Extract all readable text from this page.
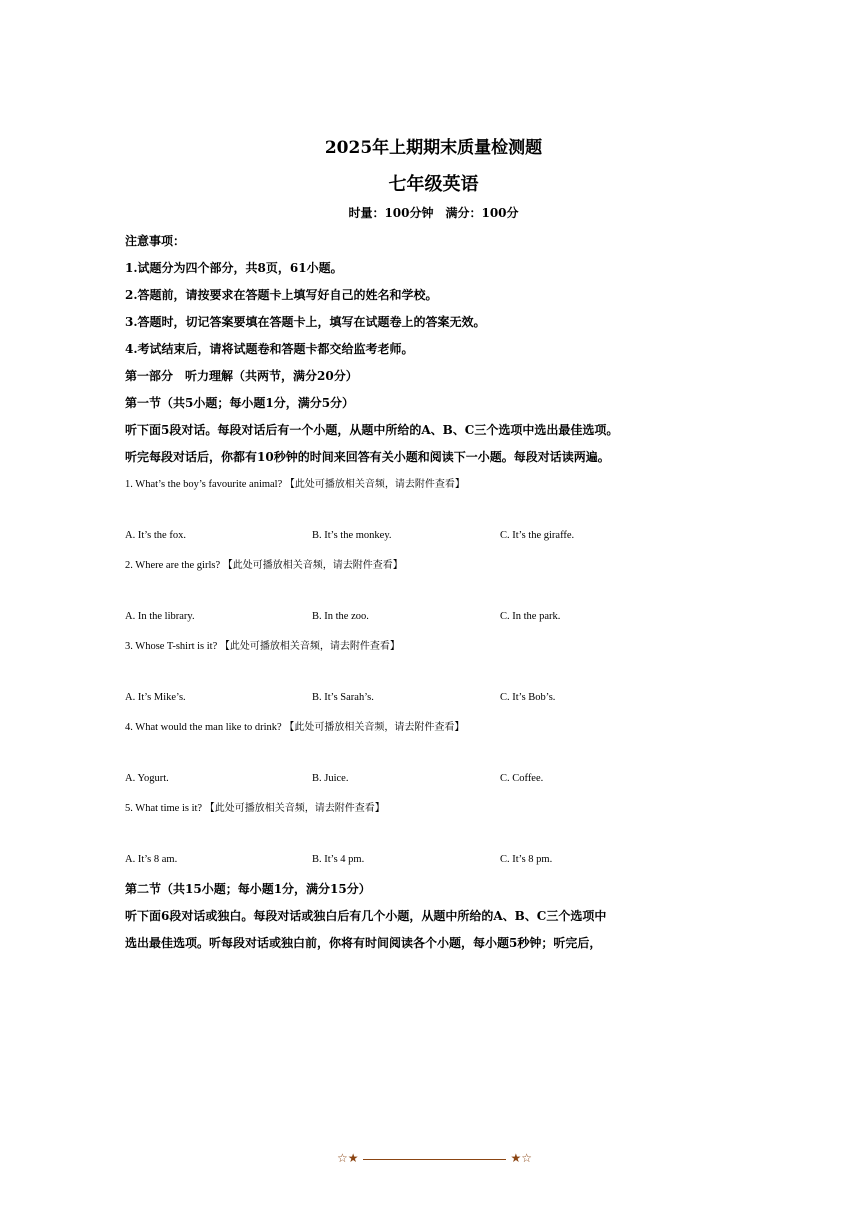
2025年上期期末质量检测题
七年级英语
时量：100分钟　满分：100分
注意事项：
1.试题分为四个部分，共8页，61小题。
2.答题前，请按要求在答题卡上填写好自己的姓名和学校。
3.答题时，切记答案要填在答题卡上，填写在试题卷上的答案无效。
4.考试结束后，请将试题卷和答题卡都交给监考老师。
第一部分　听力理解（共两节，满分20分）
第一节（共5小题；每小题1分，满分5分）
听下面5段对话。每段对话后有一个小题，从题中所给的A、B、C三个选项中选出最佳选项。
听完每段对话后，你都有10秒钟的时间来回答有关小题和阅读下一小题。每段对话读两遍。
1. What’s the boy’s favourite animal? 【此处可播放相关音频，请去附件查看】
A. It’s the fox.	B. It’s the monkey.	C. It’s the giraffe.
2. Where are the girls? 【此处可播放相关音频，请去附件查看】
A. In the library.	B. In the zoo.	C. In the park.
3. Whose T-shirt is it? 【此处可播放相关音频，请去附件查看】
A. It’s Mike’s.	B. It’s Sarah’s.	C. It’s Bob’s.
4. What would the man like to drink? 【此处可播放相关音频，请去附件查看】
A. Yogurt.	B. Juice.	C. Coffee.
5. What time is it? 【此处可播放相关音频，请去附件查看】
A. It’s 8 am.	B. It’s 4 pm.	C. It’s 8 pm.
第二节（共15小题；每小题1分，满分15分）
听下面6段对话或独白。每段对话或独白后有几个小题，从题中所给的A、B、C三个选项中
选出最佳选项。听每段对话或独白前，你将有时间阅读各个小题，每小题5秒钟；听完后，
☆★	★☆
